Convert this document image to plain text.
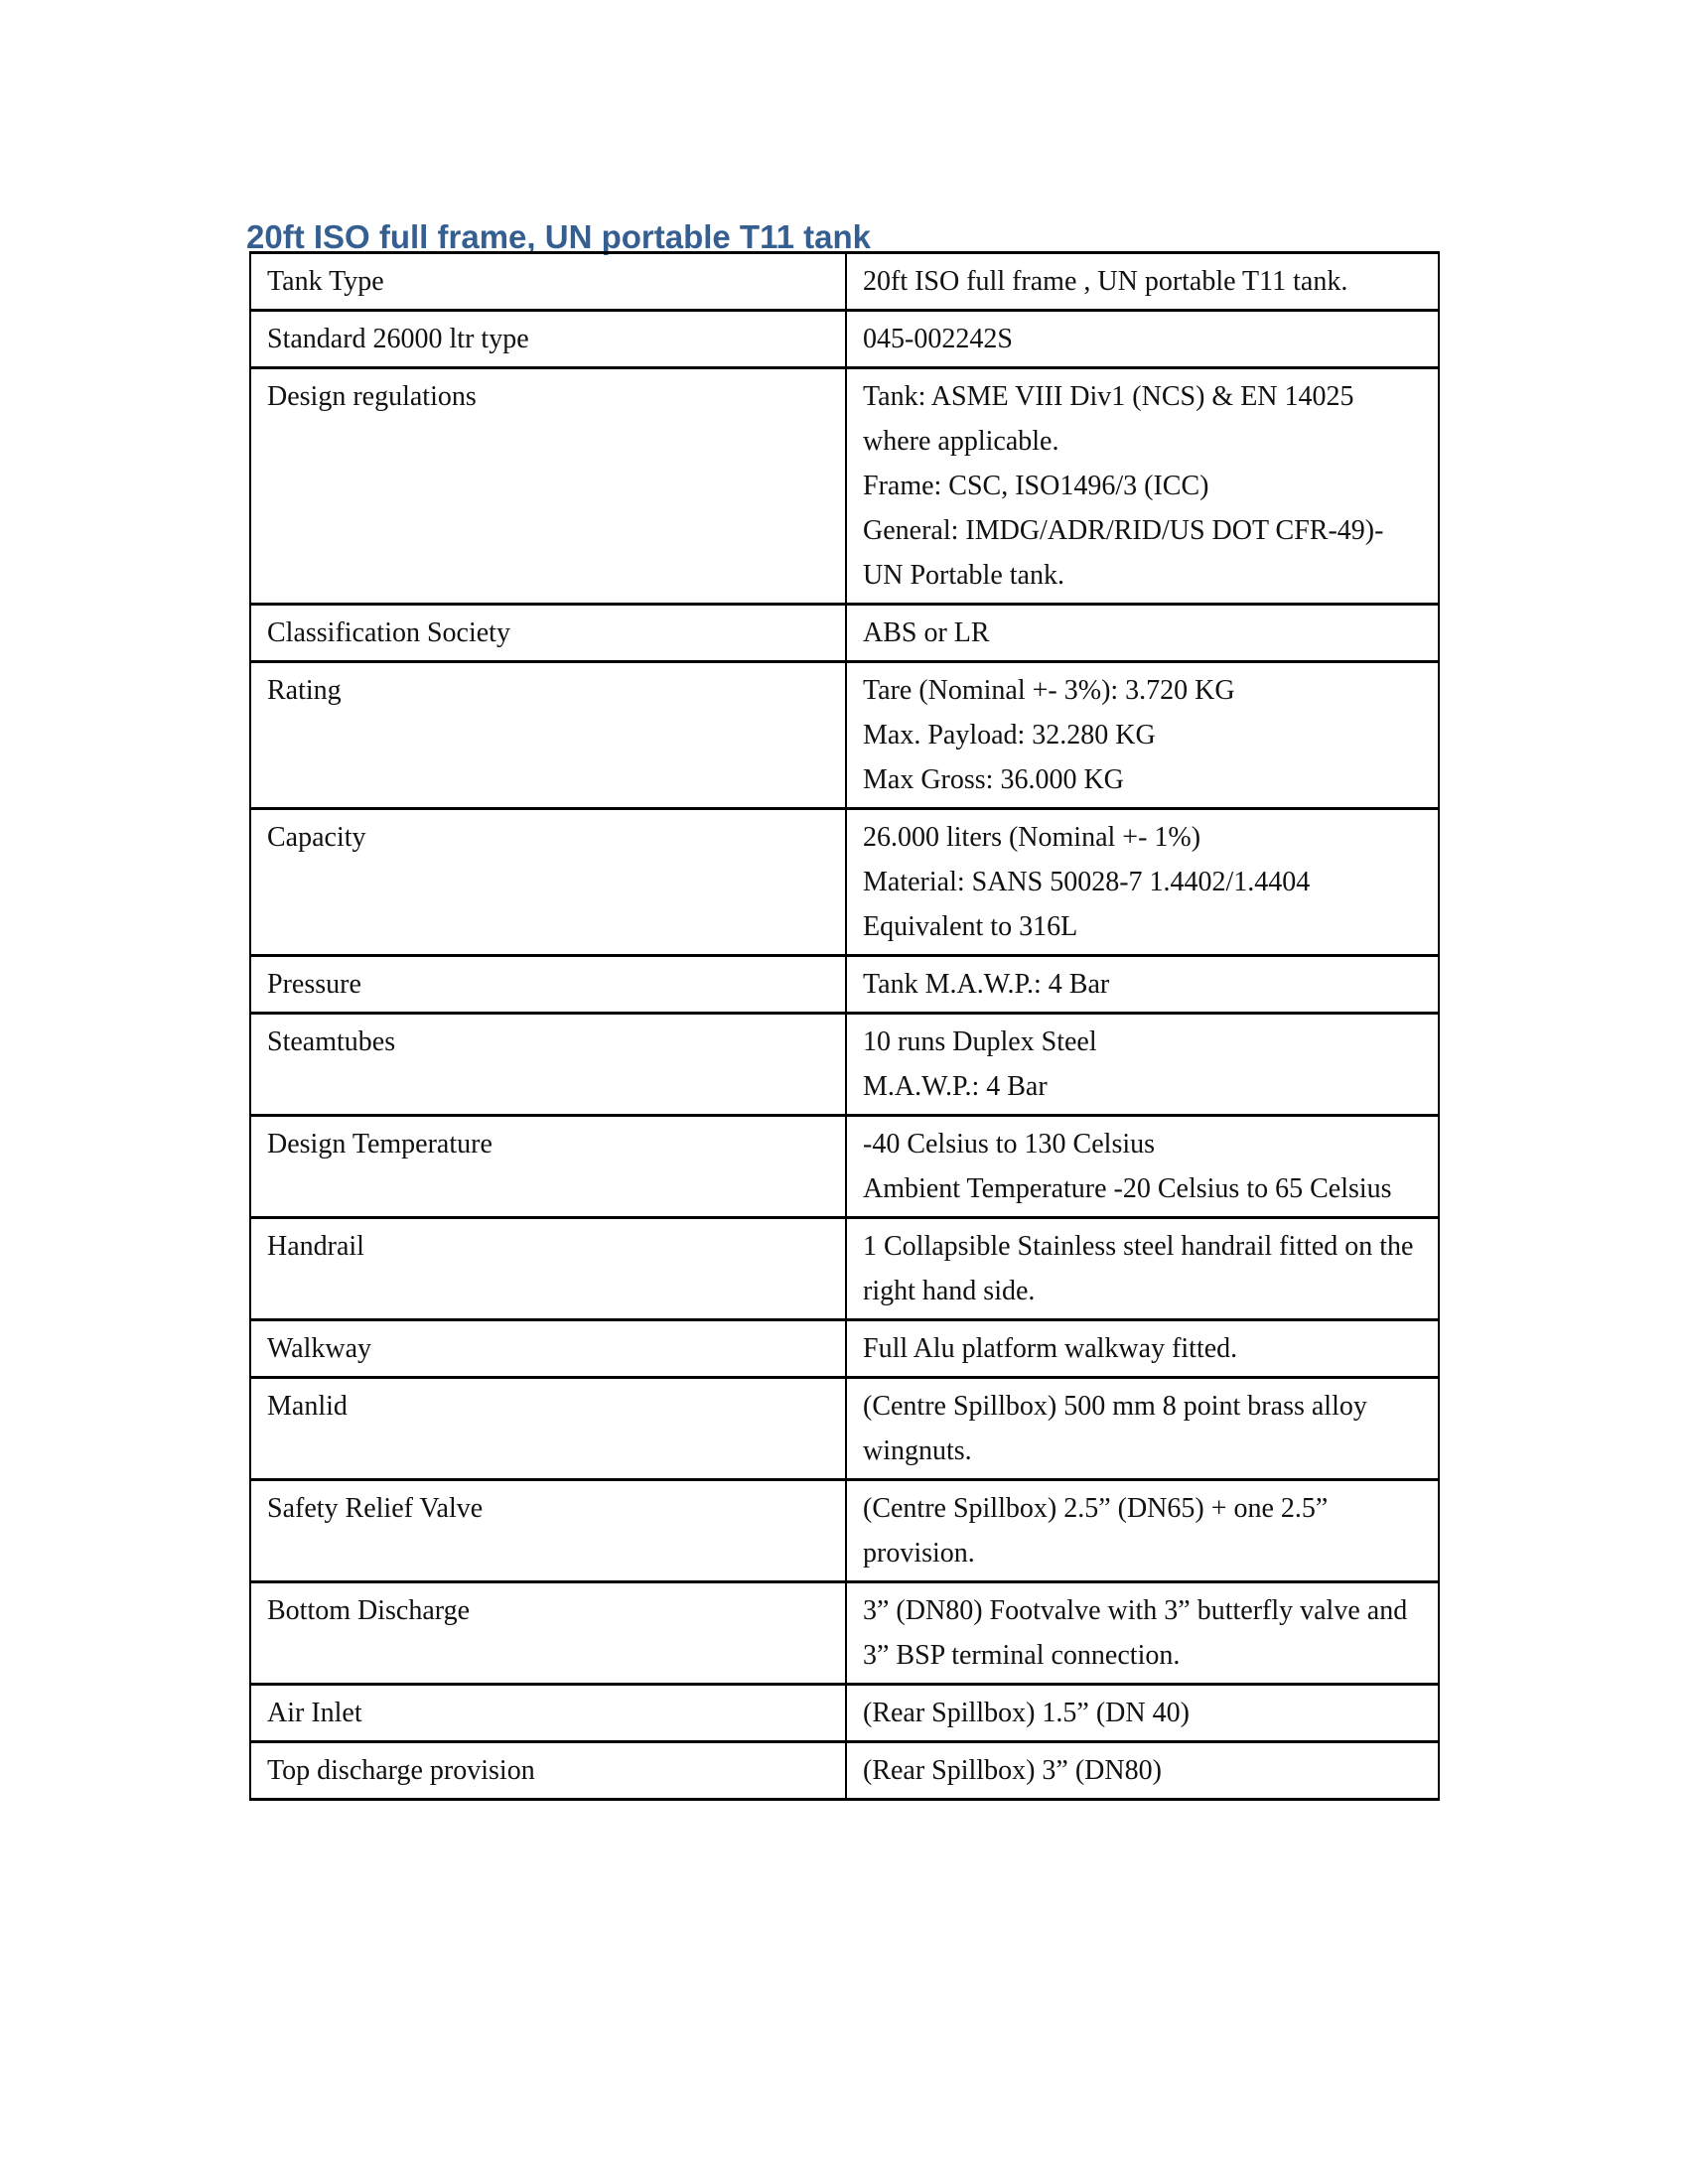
20ft ISO full frame, UN portable T11 tank
Tank Type	20ft ISO full frame , UN portable T11 tank.

Standard 26000 ltr type	045-002242S

Design regulations	Tank: ASME VIII Div1 (NCS) & EN 14025 where applicable.
Frame: CSC, ISO1496/3 (ICC)
General: IMDG/ADR/RID/US DOT CFR-49)- UN Portable tank.

Classification Society	ABS or LR

Rating	Tare (Nominal +- 3%): 3.720 KG
Max. Payload: 32.280 KG
Max Gross: 36.000 KG

Capacity	26.000 liters (Nominal +- 1%)
Material: SANS 50028-7 1.4402/1.4404 Equivalent to 316L

Pressure	Tank M.A.W.P.: 4 Bar

Steamtubes	10 runs Duplex Steel
M.A.W.P.: 4 Bar

Design Temperature	-40 Celsius to 130 Celsius
Ambient Temperature -20 Celsius to 65 Celsius

Handrail	1 Collapsible Stainless steel handrail fitted on the right hand side.

Walkway	Full Alu platform walkway fitted.

Manlid	(Centre Spillbox) 500 mm 8 point brass alloy wingnuts.

Safety Relief Valve	(Centre Spillbox) 2.5” (DN65) + one 2.5” provision.

Bottom Discharge	3” (DN80) Footvalve with 3” butterfly valve and 3” BSP terminal connection.

Air Inlet	(Rear Spillbox) 1.5” (DN 40)

Top discharge provision	(Rear Spillbox) 3” (DN80)
